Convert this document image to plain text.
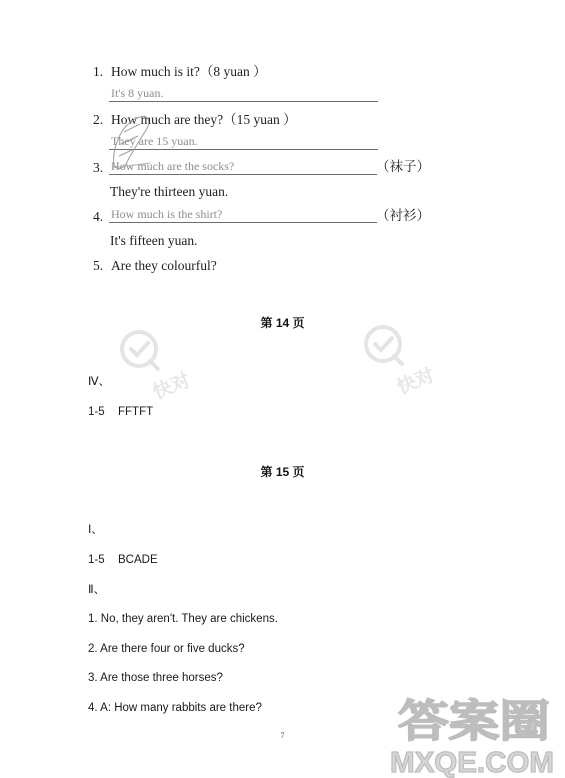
1. How much is it?（8 yuan ）
It's 8 yuan.
2. How much are they?（15 yuan ）
They are 15 yuan.
3. How much are the socks?	（袜子）
They're thirteen yuan.
4. How much is the shirt?	（衬衫）
It's fifteen yuan.
5. Are they colourful?
第 14 页
Ⅳ、
1-5 FFTFT
第 15 页
Ⅰ、
1-5 BCADE
Ⅱ、
1. No, they aren't. They are chickens.
2. Are there four or five ducks?
3. Are those three horses?
4. A: How many rabbits are there?
7
快对	快对
答案圈
MXQE.COM
